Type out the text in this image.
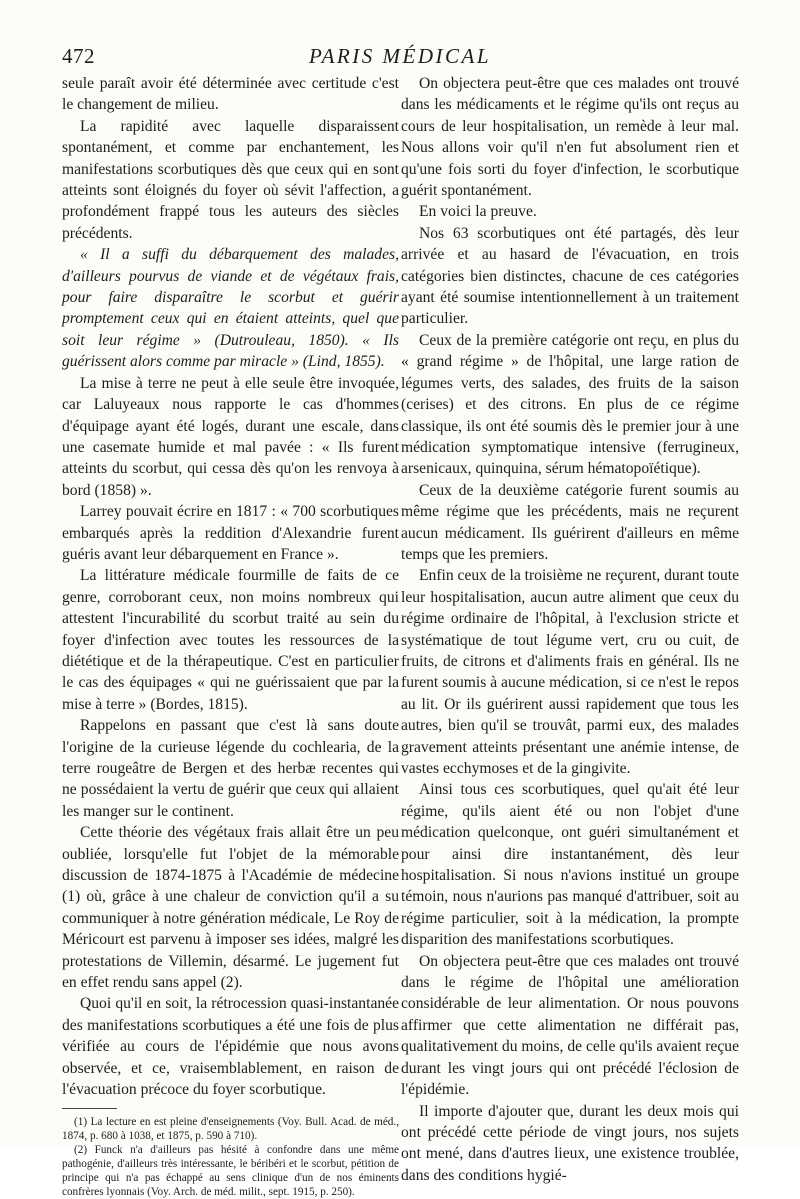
472	PARIS MÉDICAL

seule paraît avoir été déterminée avec certitude c'est le changement de milieu.

La rapidité avec laquelle disparaissent spontanément, et comme par enchantement, les manifestations scorbutiques dès que ceux qui en sont atteints sont éloignés du foyer où sévit l'affection, a profondément frappé tous les auteurs des siècles précédents.

« Il a suffi du débarquement des malades, d'ailleurs pourvus de viande et de végétaux frais, pour faire disparaître le scorbut et guérir promptement ceux qui en étaient atteints, quel que soit leur régime » (Dutrouleau, 1850). « Ils guérissent alors comme par miracle » (Lind, 1855).

La mise à terre ne peut à elle seule être invoquée, car Laluyeaux nous rapporte le cas d'hommes d'équipage ayant été logés, durant une escale, dans une casemate humide et mal pavée : « Ils furent atteints du scorbut, qui cessa dès qu'on les renvoya à bord (1858) ».

Larrey pouvait écrire en 1817 : « 700 scorbutiques embarqués après la reddition d'Alexandrie furent guéris avant leur débarquement en France ».

La littérature médicale fourmille de faits de ce genre, corroborant ceux, non moins nombreux qui attestent l'incurabilité du scorbut traité au sein du foyer d'infection avec toutes les ressources de la diététique et de la thérapeutique. C'est en particulier le cas des équipages « qui ne guérissaient que par la mise à terre » (Bordes, 1815).

Rappelons en passant que c'est là sans doute l'origine de la curieuse légende du cochlearia, de la terre rougeâtre de Bergen et des herbæ recentes qui ne possédaient la vertu de guérir que ceux qui allaient les manger sur le continent.

Cette théorie des végétaux frais allait être un peu oubliée, lorsqu'elle fut l'objet de la mémorable discussion de 1874-1875 à l'Académie de médecine (1) où, grâce à une chaleur de conviction qu'il a su communiquer à notre génération médicale, Le Roy de Méricourt est parvenu à imposer ses idées, malgré les protestations de Villemin, désarmé. Le jugement fut en effet rendu sans appel (2).

Quoi qu'il en soit, la rétrocession quasi-instantanée des manifestations scorbutiques a été une fois de plus vérifiée au cours de l'épidémie que nous avons observée, et ce, vraisemblablement, en raison de l'évacuation précoce du foyer scorbutique.

(1) La lecture en est pleine d'enseignements (Voy. Bull. Acad. de méd., 1874, p. 680 à 1038, et 1875, p. 590 à 710).

(2) Funck n'a d'ailleurs pas hésité à confondre dans une même pathogénie, d'ailleurs très intéressante, le béribéri et le scorbut, pétition de principe qui n'a pas échappé au sens clinique d'un de nos éminents confrères lyonnais (Voy. Arch. de méd. milit., sept. 1915, p. 250).

On objectera peut-être que ces malades ont trouvé dans les médicaments et le régime qu'ils ont reçus au cours de leur hospitalisation, un remède à leur mal. Nous allons voir qu'il n'en fut absolument rien et qu'une fois sorti du foyer d'infection, le scorbutique guérit spontanément.

En voici la preuve.

Nos 63 scorbutiques ont été partagés, dès leur arrivée et au hasard de l'évacuation, en trois catégories bien distinctes, chacune de ces catégories ayant été soumise intentionnellement à un traitement particulier.

Ceux de la première catégorie ont reçu, en plus du « grand régime » de l'hôpital, une large ration de légumes verts, des salades, des fruits de la saison (cerises) et des citrons. En plus de ce régime classique, ils ont été soumis dès le premier jour à une médication symptomatique intensive (ferrugineux, arsenicaux, quinquina, sérum hématopoïétique).

Ceux de la deuxième catégorie furent soumis au même régime que les précédents, mais ne reçurent aucun médicament. Ils guérirent d'ailleurs en même temps que les premiers.

Enfin ceux de la troisième ne reçurent, durant toute leur hospitalisation, aucun autre aliment que ceux du régime ordinaire de l'hôpital, à l'exclusion stricte et systématique de tout légume vert, cru ou cuit, de fruits, de citrons et d'aliments frais en général. Ils ne furent soumis à aucune médication, si ce n'est le repos au lit. Or ils guérirent aussi rapidement que tous les autres, bien qu'il se trouvât, parmi eux, des malades gravement atteints présentant une anémie intense, de vastes ecchymoses et de la gingivite.

Ainsi tous ces scorbutiques, quel qu'ait été leur régime, qu'ils aient été ou non l'objet d'une médication quelconque, ont guéri simultanément et pour ainsi dire instantanément, dès leur hospitalisation. Si nous n'avions institué un groupe témoin, nous n'aurions pas manqué d'attribuer, soit au régime particulier, soit à la médication, la prompte disparition des manifestations scorbutiques.

On objectera peut-être que ces malades ont trouvé dans le régime de l'hôpital une amélioration considérable de leur alimentation. Or nous pouvons affirmer que cette alimentation ne différait pas, qualitativement du moins, de celle qu'ils avaient reçue durant les vingt jours qui ont précédé l'éclosion de l'épidémie.

Il importe d'ajouter que, durant les deux mois qui ont précédé cette période de vingt jours, nos sujets ont mené, dans d'autres lieux, une existence troublée, dans des conditions hygié-
